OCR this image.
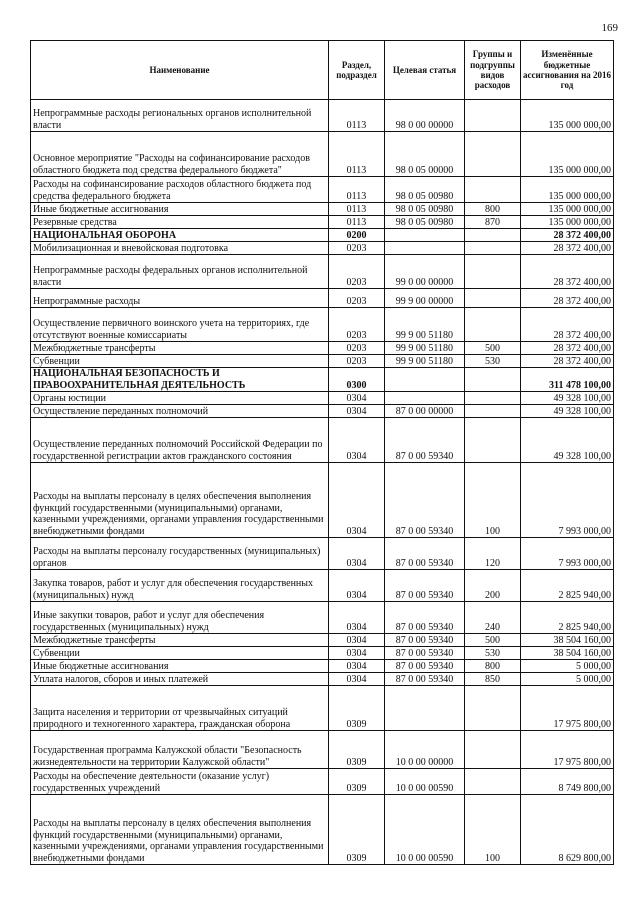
169
Наименование	Раздел, подраздел	Целевая статья	Группы и подгруппы видов расходов	Изменённые бюджетные ассигнования на 2016 год
Непрограммные расходы региональных органов исполнительной власти	0113	98 0 00 00000		135 000 000,00
Основное мероприятие "Расходы на софинансирование расходов областного бюджета под средства федерального бюджета"	0113	98 0 05 00000		135 000 000,00
Расходы на софинансирование расходов областного бюджета под средства федерального бюджета	0113	98 0 05 00980		135 000 000,00
Иные бюджетные ассигнования	0113	98 0 05 00980	800	135 000 000,00
Резервные средства	0113	98 0 05 00980	870	135 000 000,00
НАЦИОНАЛЬНАЯ ОБОРОНА	0200			28 372 400,00
Мобилизационная и вневойсковая подготовка	0203			28 372 400,00
Непрограммные расходы федеральных органов исполнительной власти	0203	99 0 00 00000		28 372 400,00
Непрограммные расходы	0203	99 9 00 00000		28 372 400,00
Осуществление первичного воинского учета на территориях, где отсутствуют военные комиссариаты	0203	99 9 00 51180		28 372 400,00
Межбюджетные трансферты	0203	99 9 00 51180	500	28 372 400,00
Субвенции	0203	99 9 00 51180	530	28 372 400,00
НАЦИОНАЛЬНАЯ БЕЗОПАСНОСТЬ И ПРАВООХРАНИТЕЛЬНАЯ ДЕЯТЕЛЬНОСТЬ	0300			311 478 100,00
Органы юстиции	0304			49 328 100,00
Осуществление переданных полномочий	0304	87 0 00 00000		49 328 100,00
Осуществление переданных полномочий Российской Федерации по государственной регистрации актов гражданского состояния	0304	87 0 00 59340		49 328 100,00
Расходы на выплаты персоналу в целях обеспечения выполнения функций государственными (муниципальными) органами, казенными учреждениями, органами управления государственными внебюджетными фондами	0304	87 0 00 59340	100	7 993 000,00
Расходы на выплаты персоналу государственных (муниципальных) органов	0304	87 0 00 59340	120	7 993 000,00
Закупка товаров, работ и услуг для обеспечения государственных (муниципальных) нужд	0304	87 0 00 59340	200	2 825 940,00
Иные закупки товаров, работ и услуг для обеспечения государственных (муниципальных) нужд	0304	87 0 00 59340	240	2 825 940,00
Межбюджетные трансферты	0304	87 0 00 59340	500	38 504 160,00
Субвенции	0304	87 0 00 59340	530	38 504 160,00
Иные бюджетные ассигнования	0304	87 0 00 59340	800	5 000,00
Уплата налогов, сборов и иных платежей	0304	87 0 00 59340	850	5 000,00
Защита населения и территории от чрезвычайных ситуаций природного и техногенного характера, гражданская оборона	0309			17 975 800,00
Государственная программа Калужской области "Безопасность жизнедеятельности на территории Калужской области"	0309	10 0 00 00000		17 975 800,00
Расходы на обеспечение деятельности (оказание услуг) государственных учреждений	0309	10 0 00 00590		8 749 800,00
Расходы на выплаты персоналу в целях обеспечения выполнения функций государственными (муниципальными) органами, казенными учреждениями, органами управления государственными внебюджетными фондами	0309	10 0 00 00590	100	8 629 800,00
